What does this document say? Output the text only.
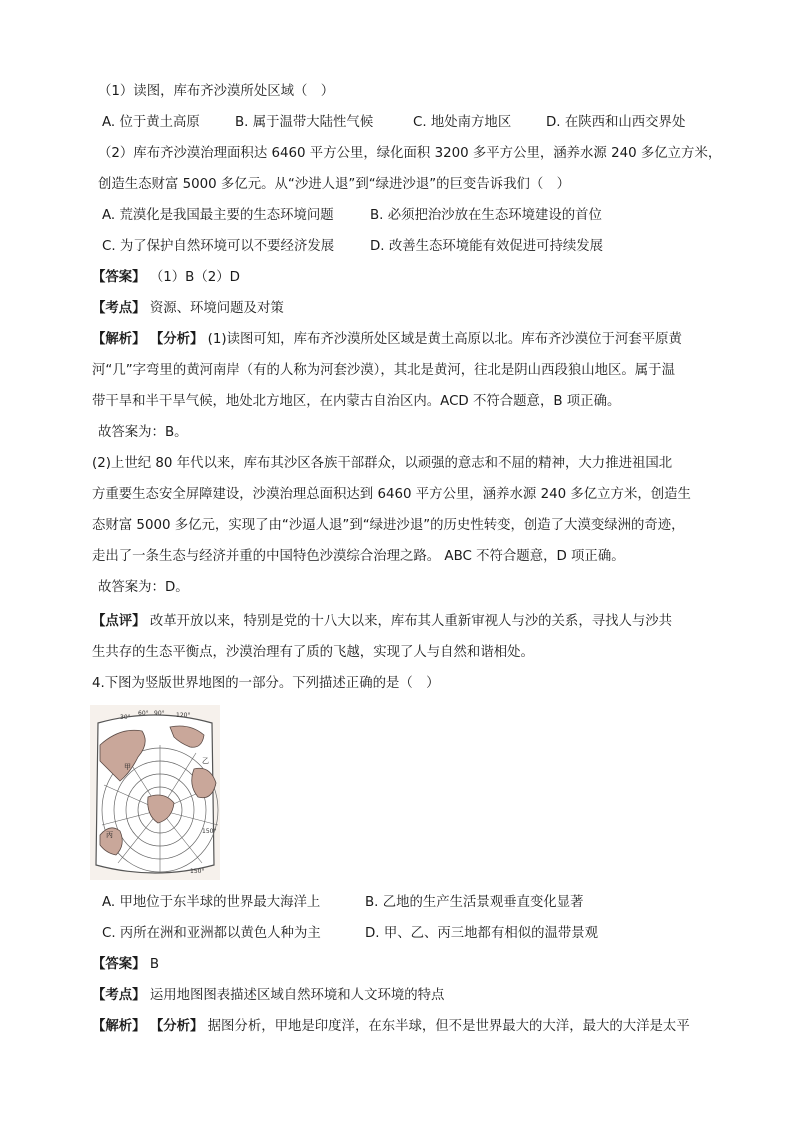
（1）读图，库布齐沙漠所处区域（　）
A. 位于黄土高原	B. 属于温带大陆性气候	C. 地处南方地区	D. 在陕西和山西交界处
（2）库布齐沙漠治理面积达 6460 平方公里，绿化面积 3200 多平方公里，涵养水源 240 多亿立方米，
创造生态财富 5000 多亿元。从“沙进人退”到“绿进沙退”的巨变告诉我们（　）
A. 荒漠化是我国最主要的生态环境问题	B. 必须把治沙放在生态环境建设的首位
C. 为了保护自然环境可以不要经济发展	D. 改善生态环境能有效促进可持续发展
【答案】 （1）B（2）D
【考点】 资源、环境问题及对策
【解析】 【分析】 (1)读图可知，库布齐沙漠所处区域是黄土高原以北。库布齐沙漠位于河套平原黄
河“几”字弯里的黄河南岸（有的人称为河套沙漠），其北是黄河，往北是阴山西段狼山地区。属于温
带干旱和半干旱气候，地处北方地区，在内蒙古自治区内。ACD 不符合题意，B 项正确。
故答案为：B。
(2)上世纪 80 年代以来，库布其沙区各族干部群众，以顽强的意志和不屈的精神，大力推进祖国北
方重要生态安全屏障建设，沙漠治理总面积达到 6460 平方公里，涵养水源 240 多亿立方米，创造生
态财富 5000 多亿元，实现了由“沙逼人退”到“绿进沙退”的历史性转变，创造了大漠变绿洲的奇迹，
走出了一条生态与经济并重的中国特色沙漠综合治理之路。 ABC 不符合题意，D 项正确。
故答案为：D。
【点评】 改革开放以来，特别是党的十八大以来，库布其人重新审视人与沙的关系，寻找人与沙共
生共存的生态平衡点，沙漠治理有了质的飞越，实现了人与自然和谐相处。
4.下图为竖版世界地图的一部分。下列描述正确的是（　）
30°
60° 90° 120°
150°
150°
甲
乙
丙
A. 甲地位于东半球的世界最大海洋上	B. 乙地的生产生活景观垂直变化显著
C. 丙所在洲和亚洲都以黄色人种为主	D. 甲、乙、丙三地都有相似的温带景观
【答案】 B
【考点】 运用地图图表描述区域自然环境和人文环境的特点
【解析】 【分析】 据图分析，甲地是印度洋，在东半球，但不是世界最大的大洋，最大的大洋是太平
